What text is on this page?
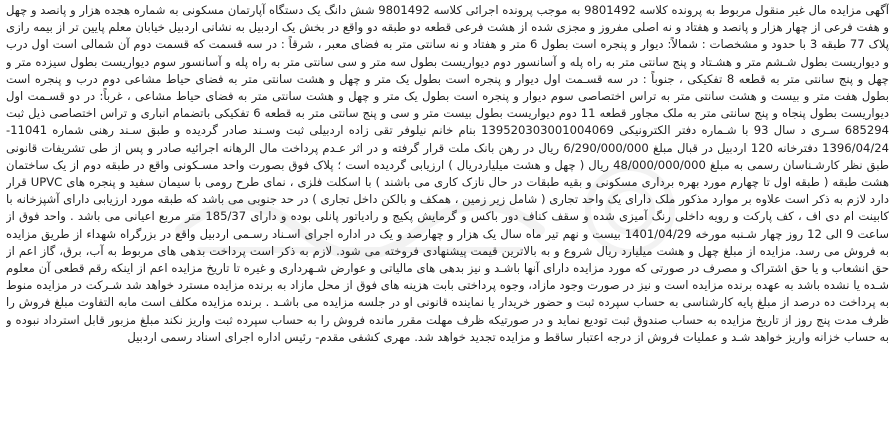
آگهی مزایده مال غیر منقول مربوط به پرونده کلاسه 9801492 به موجب پرونده اجرائی کلاسه 9801492 شش دانگ یک دستگاه آپارتمان مسکونی به شماره هجده هزار و پانصد و چهل و هفت فرعی از چهار هزار و پانصد و هفتاد و نه اصلی مفروز و مجزی شده از هشت فرعی قطعه دو طبقه دو واقع در بخش یک اردبیل به نشانی اردبیل خیابان معلم پایین تر از بیمه رازی پلاک 77 طبقه 3 با حدود و مشخصات : شمالاً: دیوار و پنجره است بطول 6 متر و هفتاد و نه سانتی متر به فضای معبر ، شرقاً : در سه قسمت که قسمت دوم آن شمالی است اول درب و دیواریست بطول شـشم متر و هشـتاد و پنج سانتی متر به راه پله و آسانسور دوم دیواریست بطول سه متر و سی سانتی متر به راه پله و آسانسور سوم دیواریست بطول سیزده متر و چهل و پنج سانتی متر به قطعه 8 تفکیکی ، جنوباً : در سه قسـمت اول دیوار و پنجره است بطول یک متر و چهل و هشت سانتی متر به فضای حیاط مشاعی دوم درب و پنجره است بطول هفت متر و بیست و هشت سانتی متر به تراس اختصاصی سوم دیوار و پنجره است بطول یک متر و چهل و هشت سانتی متر به فضای حیاط مشاعی ، غرباً: در دو قسـمت اول دیواریست بطول پنجاه و پنج سانتی متر به ملک مجاور قطعه 11 دوم دیواریست بطول بیست متر و سی و پنج سانتی متر به قطعه 6 تفکیکی باتضمام انباری و تراس اختصاصی ذیل ثبت 685294 سـری د سال 93 با شـماره دفتر الکترونیکی 139520303001004069 بنام خانم نیلوفر تقی زاده اردبیلی ثبت وسـند صادر گردیده و طبق سـند رهنی شماره 11041- 1396/04/24 دفترخانه 120 اردبیل در قبال مبلغ 6/290/000/000 ریال در رهن بانک ملت قرار گرفته و در اثر عـدم پرداخت مال الرهانه اجرائیه صادر و پس از طی تشریفات قانونی طبق نظر کارشـناسان رسمی به مبلغ 48/000/000/000 ریال ( چهل و هشت میلیاردریال ) ارزیابی گردیده است ؛ پلاک فوق بصورت واحد مسـکونی واقع در طبقه دوم از یک ساختمان هشت طبقه ( طبقه اول تا چهارم مورد بهره برداری مسکونی و بقیه طبقات در حال نازک کاری می باشند ) با اسکلت فلزی ، نمای طرح رومی با سیمان سفید و پنجره های UPVC قرار دارد لازم به ذکر است علاوه بر موارد مذکور ملک دارای یک واحد تجاری ( شامل زیر زمین ، همکف و بالکن داخل تجاری ) در حد جنوبی می باشد که طبقه مورد ارزیابی دارای آشپزخانه با کابینت ام دی اف ، کف پارکت و رویه داخلی رنگ آمیزی شده و سقف کناف دور باکس و گرمایش پکیج و رادیاتور پانلی بوده و دارای 185/37 متر مربع اعیانی می باشد . واحد فوق از ساعت 9 الی 12 روز چهار شـنبه مورخه 1401/04/29 بیست و نهم تیر ماه سال یک هزار و چهارصد و یک در اداره اجرای اسـناد رسـمی اردبیل واقع در بزرگراه شهداء از طریق مزایده به فروش می رسد. مزایده از مبلغ چهل و هشت میلیارد ریال شروع و به بالاترین قیمت پیشنهادی فروخته می شود. لازم به ذکر است پرداخت بدهی های مربوط به آب، برق، گاز اعم از حق انشعاب و یا حق اشتراک و مصرف در صورتی که مورد مزایده دارای آنها باشـد و نیز بدهی های مالیاتی و عوارض شـهرداری و غیره تا تاریخ مزایده اعم از اینکه رقم قطعی آن معلوم شـده یا نشده باشد به عهده برنده مزایده است و نیز در صورت وجود مازاد، وجوه پرداختی بابت هزینه های فوق از محل مازاد به برنده مزایده مسترد خواهد شد شـرکت در مزایده منوط به پرداخت ده درصد از مبلغ پایه کارشناسی به حساب سپرده ثبت و حضور خریدار یا نماینده قانونی او در جلسه مزایده می باشـد . برنده مزایده مکلف است مابه التفاوت مبلغ فروش را ظرف مدت پنج روز از تاریخ مزایده به حساب صندوق ثبت تودیع نماید و در صورتیکه ظرف مهلت مقرر مانده فروش را به حساب سپرده ثبت واریز نکند مبلغ مزبور قابل استرداد نبوده و به حساب خزانه واریز خواهد شـد و عملیات فروش از درجه اعتبار ساقط و مزایده تجدید خواهد شد. مهری کشفی مقدم- رئیس اداره اجرای اسناد رسمی اردبیل
